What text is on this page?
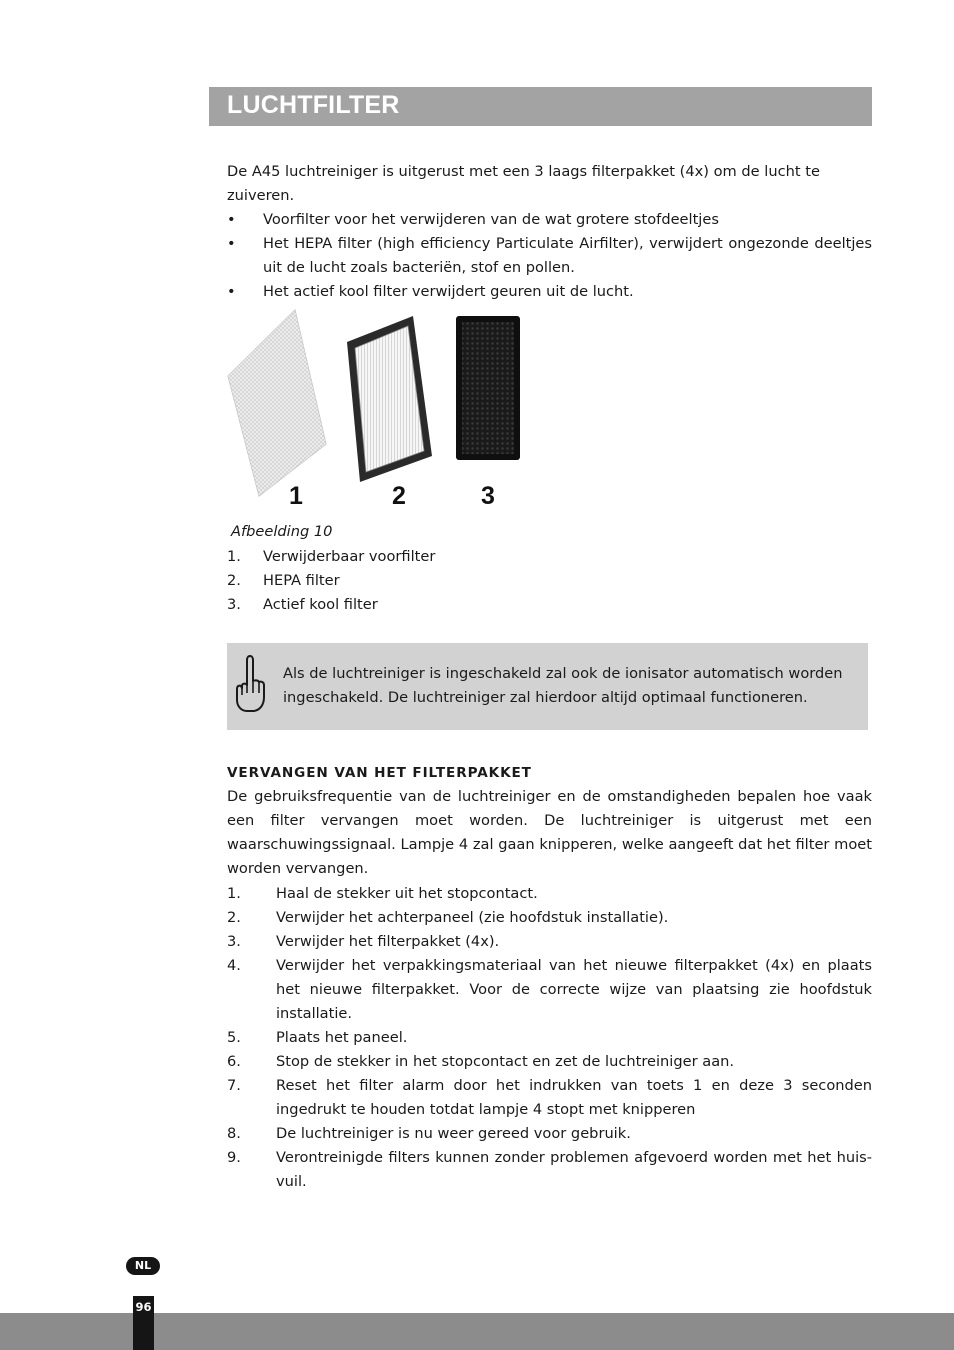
LUCHTFILTER

De A45 luchtreiniger is uitgerust met een 3 laags filterpakket (4x) om de lucht te zuiveren.

• Voorfilter voor het verwijderen van de wat grotere stofdeeltjes
• Het HEPA filter (high efficiency Particulate Airfilter), verwijdert ongezonde deeltjes uit de lucht zoals bacteriën, stof en pollen.
• Het actief kool filter verwijdert geuren uit de lucht.
1	2	3

Afbeelding 10

1. Verwijderbaar voorfilter
2. HEPA filter
3. Actief kool filter

Als de luchtreiniger is ingeschakeld zal ook de ionisator automatisch worden ingeschakeld. De luchtreiniger zal hierdoor altijd optimaal functioneren.

VERVANGEN VAN HET FILTERPAKKET

De gebruiksfrequentie van de luchtreiniger en de omstandigheden bepalen hoe vaak een filter vervangen moet worden. De luchtreiniger is uitgerust met een waarschuwingssignaal. Lampje 4 zal gaan knipperen, welke aangeeft dat het filter moet worden vervangen.

1. Haal de stekker uit het stopcontact.
2. Verwijder het achterpaneel (zie hoofdstuk installatie).
3. Verwijder het filterpakket (4x).
4. Verwijder het verpakkingsmateriaal van het nieuwe filterpakket (4x) en plaats het nieuwe filterpakket. Voor de correcte wijze van plaatsing zie hoofdstuk installatie.
5. Plaats het paneel.
6. Stop de stekker in het stopcontact en zet de luchtreiniger aan.
7. Reset het filter alarm door het indrukken van toets 1 en deze 3 seconden ingedrukt te houden totdat lampje 4 stopt met knipperen
8. De luchtreiniger is nu weer gereed voor gebruik.
9. Verontreinigde filters kunnen zonder problemen afgevoerd worden met het huis-vuil.
NL
96
